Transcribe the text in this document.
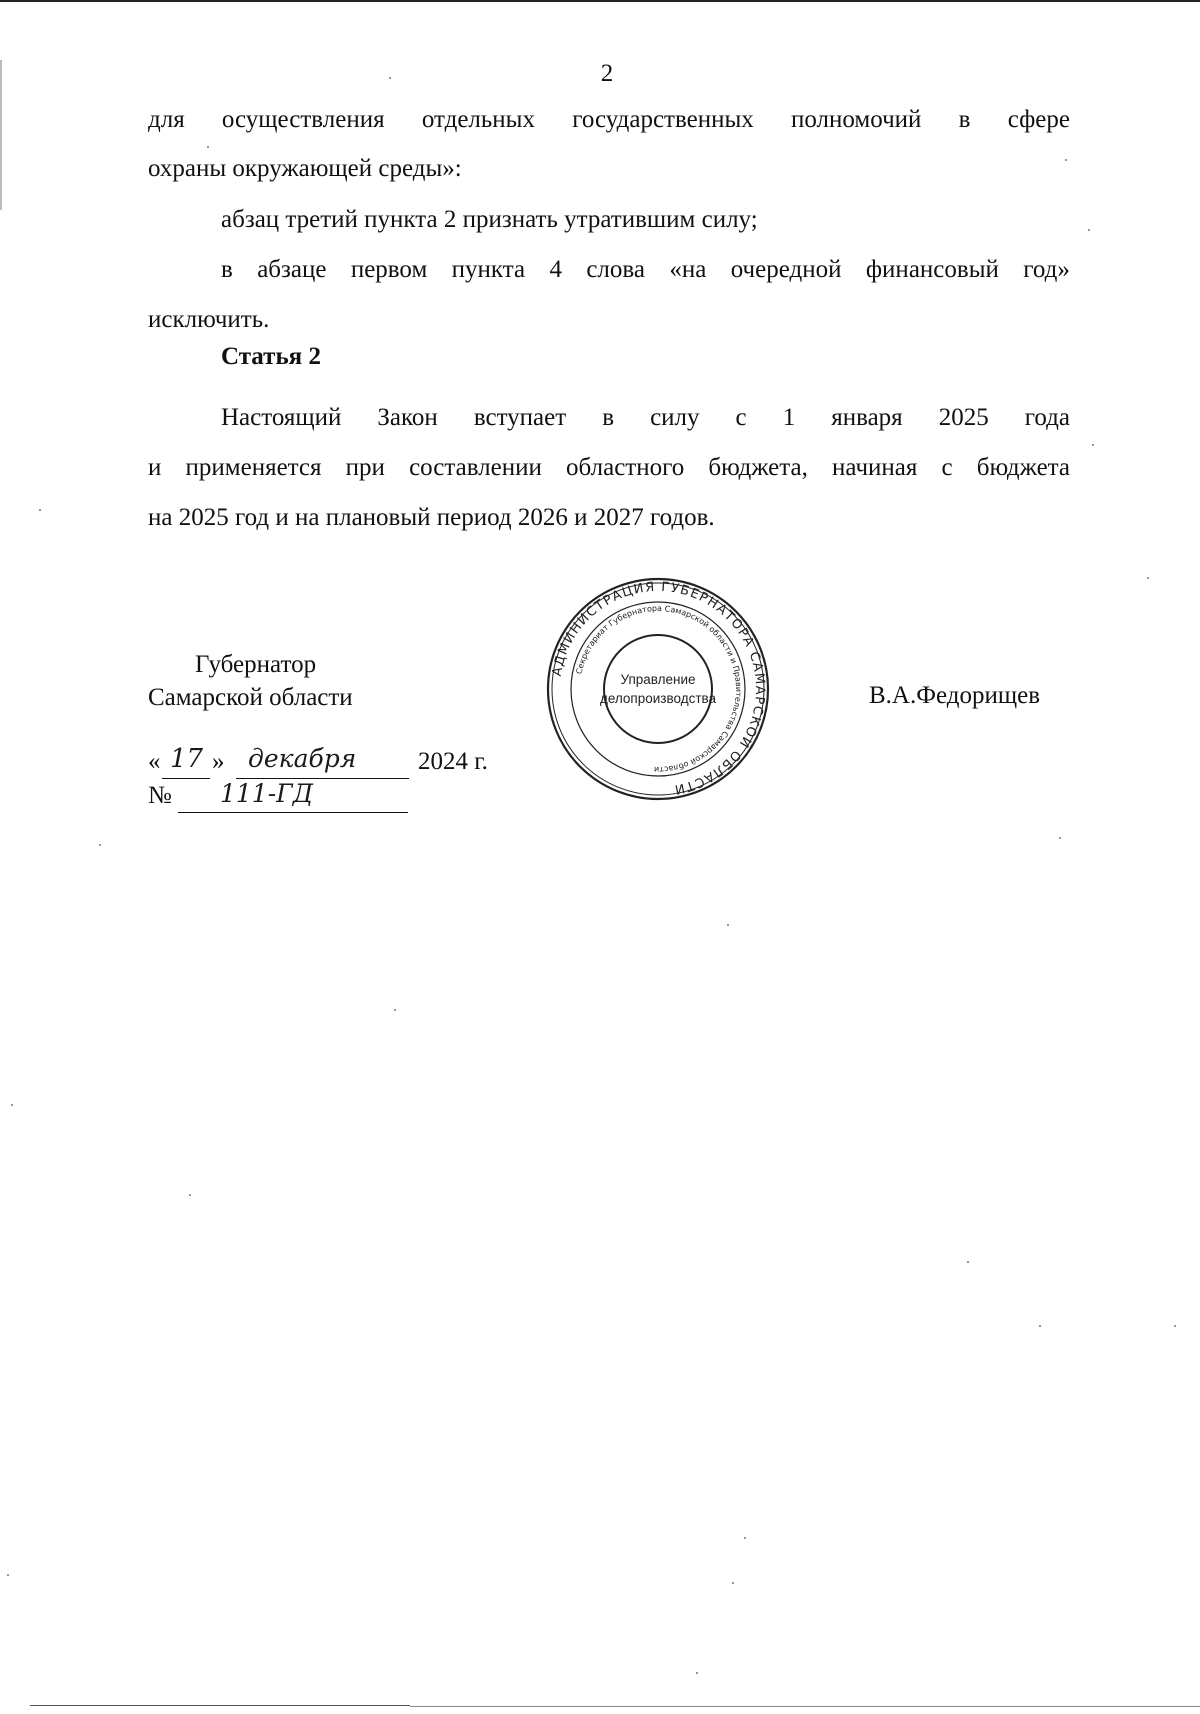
2
для осуществления отдельных государственных полномочий в сфере
охраны окружающей среды»:
абзац третий пункта 2 признать утратившим силу;
в абзаце первом пункта 4 слова «на очередной финансовый год»
исключить.
Статья 2
Настоящий Закон вступает в силу с 1 января 2025 года
и применяется при составлении областного бюджета, начиная с бюджета
на 2025 год и на плановый период 2026 и 2027 годов.
Губернатор
Самарской области	В.А.Федорищев
« 17 » декабря 2024 г.
№ 111-ГД
АДМИНИСТРАЦИЯ ГУБЕРНАТОРА САМАРСКОЙ ОБЛАСТИ
Секретариат Губернатора Самарской области и Правительства Самарской области
Управление
делопроизводства
